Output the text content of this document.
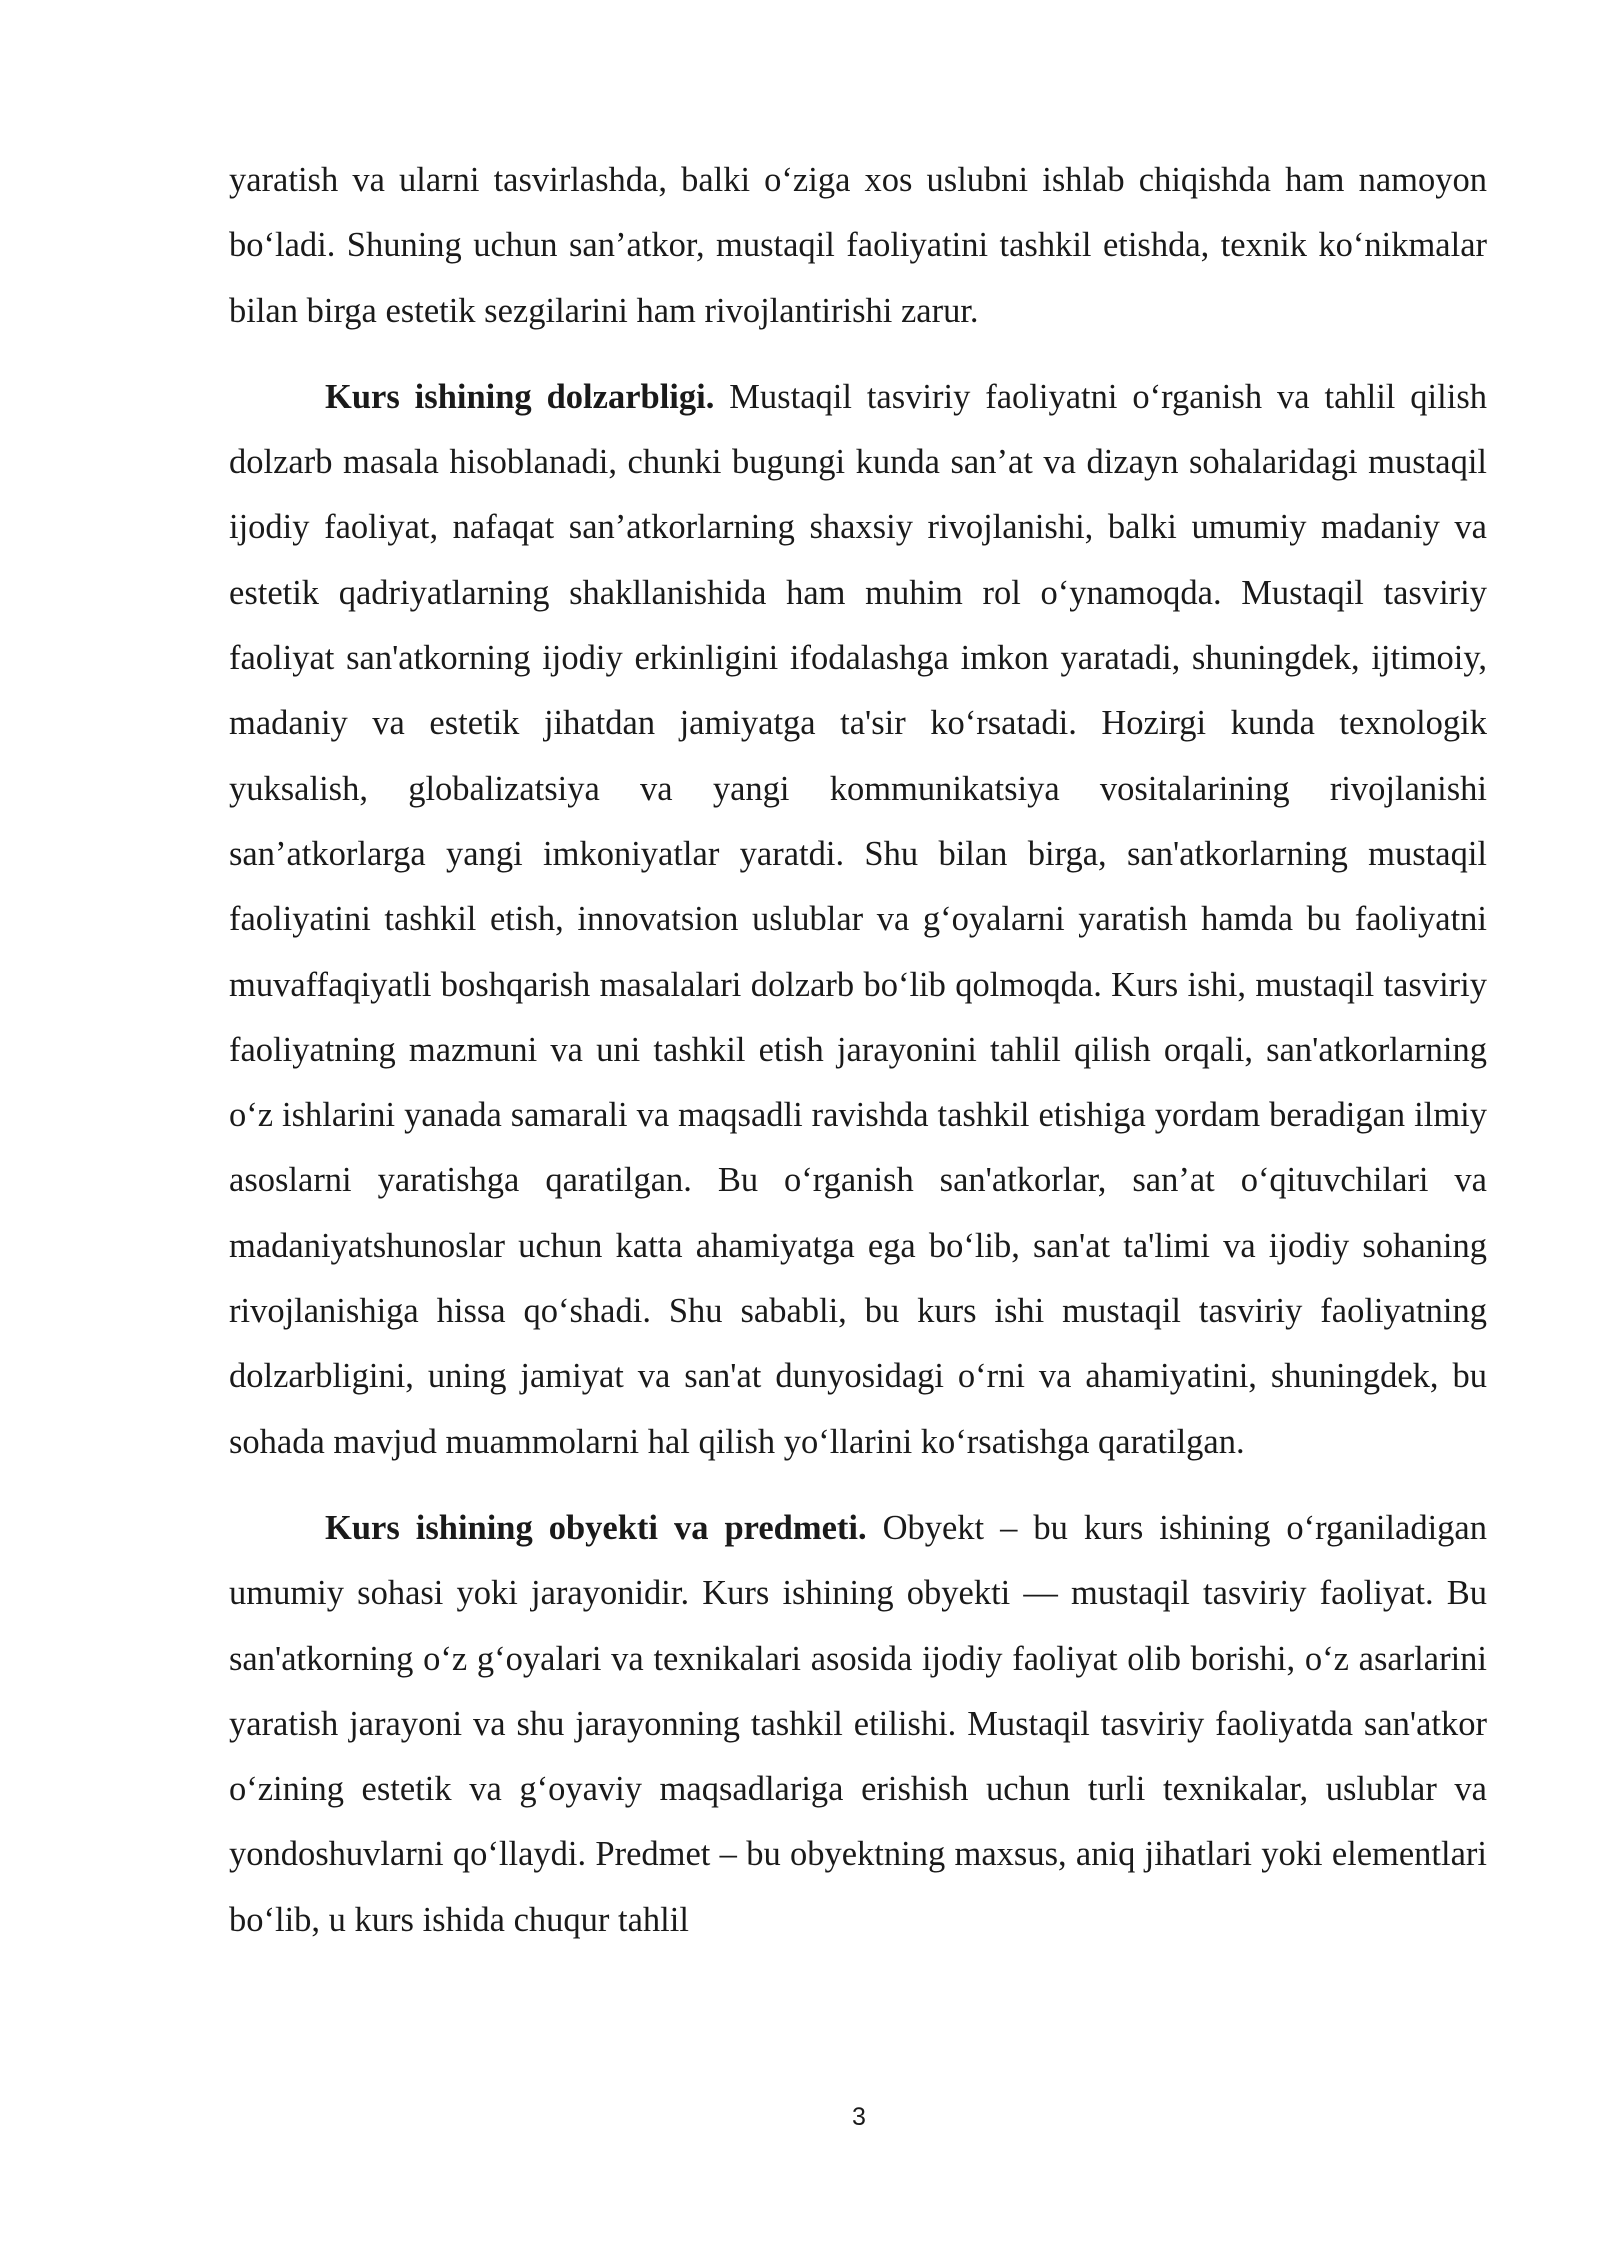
yaratish va ularni tasvirlashda, balki o‘ziga xos uslubni ishlab chiqishda ham namoyon bo‘ladi. Shuning uchun san’atkor, mustaqil faoliyatini tashkil etishda, texnik ko‘nikmalar bilan birga estetik sezgilarini ham rivojlantirishi zarur.

Kurs ishining dolzarbligi. Mustaqil tasviriy faoliyatni o‘rganish va tahlil qilish dolzarb masala hisoblanadi, chunki bugungi kunda san’at va dizayn sohalaridagi mustaqil ijodiy faoliyat, nafaqat san’atkorlarning shaxsiy rivojlanishi, balki umumiy madaniy va estetik qadriyatlarning shakllanishida ham muhim rol o‘ynamoqda. Mustaqil tasviriy faoliyat san'atkorning ijodiy erkinligini ifodalashga imkon yaratadi, shuningdek, ijtimoiy, madaniy va estetik jihatdan jamiyatga ta'sir ko‘rsatadi. Hozirgi kunda texnologik yuksalish, globalizatsiya va yangi kommunikatsiya vositalarining rivojlanishi san’atkorlarga yangi imkoniyatlar yaratdi. Shu bilan birga, san'atkorlarning mustaqil faoliyatini tashkil etish, innovatsion uslublar va g‘oyalarni yaratish hamda bu faoliyatni muvaffaqiyatli boshqarish masalalari dolzarb bo‘lib qolmoqda. Kurs ishi, mustaqil tasviriy faoliyatning mazmuni va uni tashkil etish jarayonini tahlil qilish orqali, san'atkorlarning o‘z ishlarini yanada samarali va maqsadli ravishda tashkil etishiga yordam beradigan ilmiy asoslarni yaratishga qaratilgan. Bu o‘rganish san'atkorlar, san’at o‘qituvchilari va madaniyatshunoslar uchun katta ahamiyatga ega bo‘lib, san'at ta'limi va ijodiy sohaning rivojlanishiga hissa qo‘shadi. Shu sababli, bu kurs ishi mustaqil tasviriy faoliyatning dolzarbligini, uning jamiyat va san'at dunyosidagi o‘rni va ahamiyatini, shuningdek, bu sohada mavjud muammolarni hal qilish yo‘llarini ko‘rsatishga qaratilgan.

Kurs ishining obyekti va predmeti. Obyekt – bu kurs ishining o‘rganiladigan umumiy sohasi yoki jarayonidir. Kurs ishining obyekti — mustaqil tasviriy faoliyat. Bu san'atkorning o‘z g‘oyalari va texnikalari asosida ijodiy faoliyat olib borishi, o‘z asarlarini yaratish jarayoni va shu jarayonning tashkil etilishi. Mustaqil tasviriy faoliyatda san'atkor o‘zining estetik va g‘oyaviy maqsadlariga erishish uchun turli texnikalar, uslublar va yondoshuvlarni qo‘llaydi. Predmet – bu obyektning maxsus, aniq jihatlari yoki elementlari bo‘lib, u kurs ishida chuqur tahlil

3
